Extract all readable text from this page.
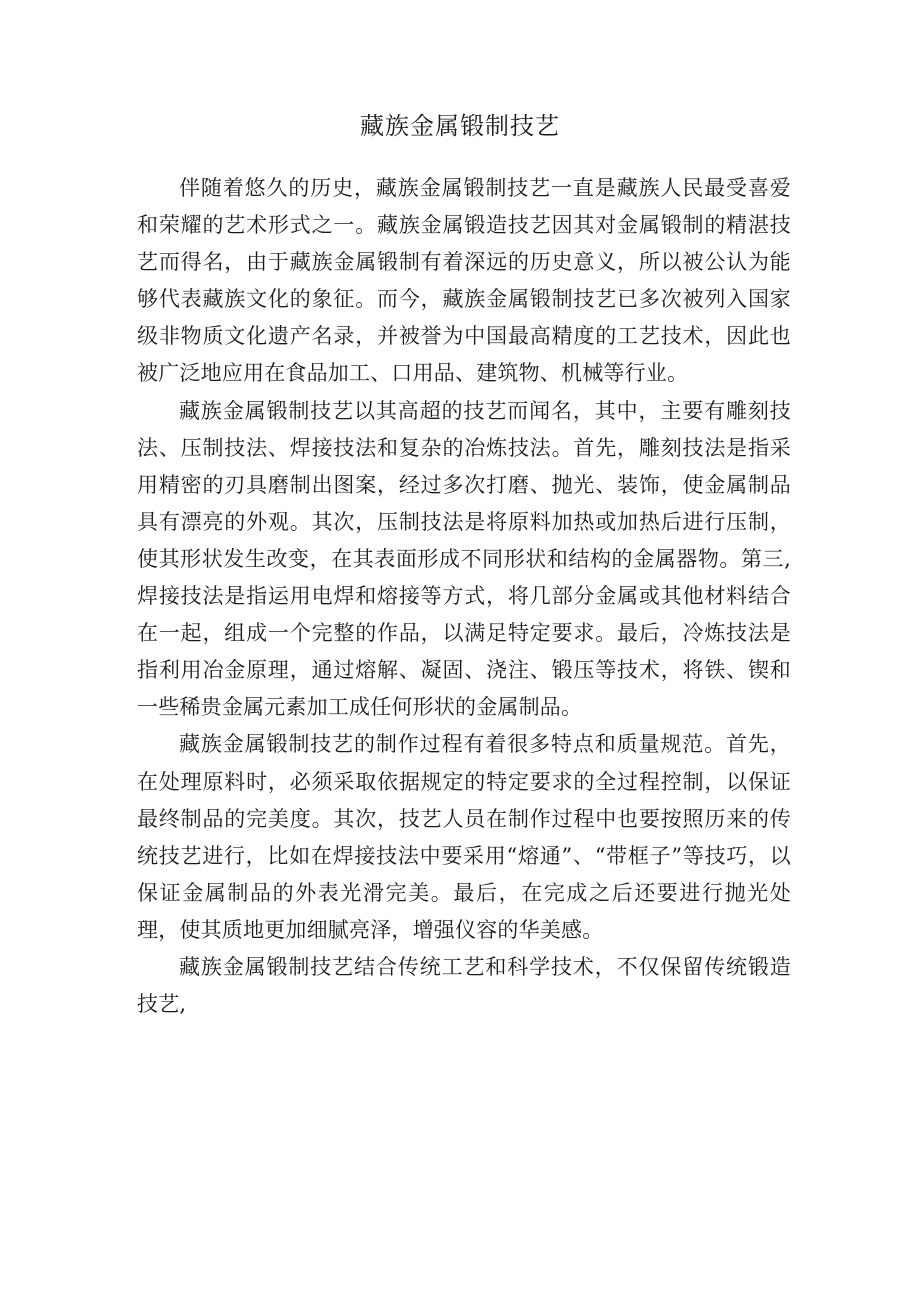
藏族金属锻制技艺

伴随着悠久的历史，藏族金属锻制技艺一直是藏族人民最受喜爱和荣耀的艺术形式之一。藏族金属锻造技艺因其对金属锻制的精湛技艺而得名，由于藏族金属锻制有着深远的历史意义，所以被公认为能够代表藏族文化的象征。而今，藏族金属锻制技艺已多次被列入国家级非物质文化遗产名录，并被誉为中国最高精度的工艺技术，因此也被广泛地应用在食品加工、口用品、建筑物、机械等行业。

藏族金属锻制技艺以其高超的技艺而闻名，其中，主要有雕刻技法、压制技法、焊接技法和复杂的冶炼技法。首先，雕刻技法是指采用精密的刃具磨制出图案，经过多次打磨、抛光、装饰，使金属制品具有漂亮的外观。其次，压制技法是将原料加热或加热后进行压制，使其形状发生改变，在其表面形成不同形状和结构的金属器物。第三,焊接技法是指运用电焊和熔接等方式，将几部分金属或其他材料结合在一起，组成一个完整的作品，以满足特定要求。最后，冷炼技法是指利用冶金原理，通过熔解、凝固、浇注、锻压等技术，将铁、锲和一些稀贵金属元素加工成任何形状的金属制品。

藏族金属锻制技艺的制作过程有着很多特点和质量规范。首先，在处理原料时，必须采取依据规定的特定要求的全过程控制，以保证最终制品的完美度。其次，技艺人员在制作过程中也要按照历来的传统技艺进行，比如在焊接技法中要采用“熔通”、“带框子”等技巧，以保证金属制品的外表光滑完美。最后，在完成之后还要进行抛光处理，使其质地更加细腻亮泽，增强仪容的华美感。

藏族金属锻制技艺结合传统工艺和科学技术，不仅保留传统锻造技艺,
